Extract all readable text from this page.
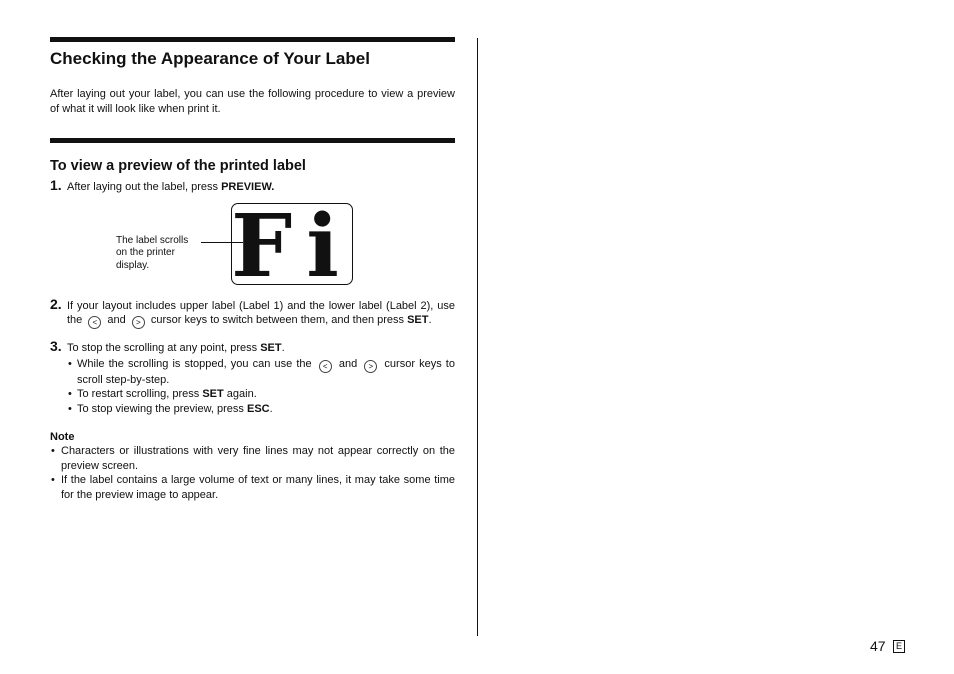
Checking the Appearance of Your Label

After laying out your label, you can use the following procedure to view a preview of what it will look like when print it.

To view a preview of the printed label
1. After laying out the label, press PREVIEW.
The label scrolls on the printer display. Fi
2. If your layout includes upper label (Label 1) and the lower label (Label 2), use the < and > cursor keys to switch between them, and then press SET.
3. To stop the scrolling at any point, press SET.
• While the scrolling is stopped, you can use the < and > cursor keys to scroll step-by-step.
• To restart scrolling, press SET again.
• To stop viewing the preview, press ESC.
Note
• Characters or illustrations with very fine lines may not appear correctly on the preview screen.
• If the label contains a large volume of text or many lines, it may take some time for the preview image to appear.
47	E
